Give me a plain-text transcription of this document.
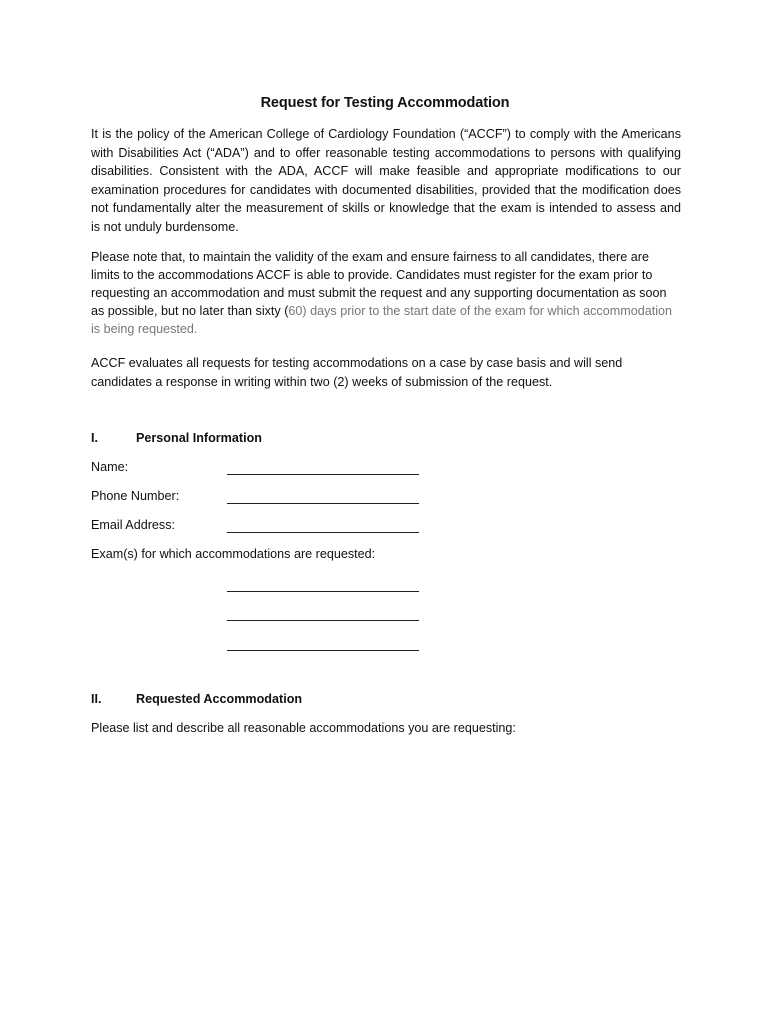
Request for Testing Accommodation

It is the policy of the American College of Cardiology Foundation (“ACCF”) to comply with the Americans with Disabilities Act (“ADA”) and to offer reasonable testing accommodations to persons with qualifying disabilities. Consistent with the ADA, ACCF will make feasible and appropriate modifications to our examination procedures for candidates with documented disabilities, provided that the modification does not fundamentally alter the measurement of skills or knowledge that the exam is intended to assess and is not unduly burdensome.

Please note that, to maintain the validity of the exam and ensure fairness to all candidates, there are limits to the accommodations ACCF is able to provide. Candidates must register for the exam prior to requesting an accommodation and must submit the request and any supporting documentation as soon as possible, but no later than sixty (60) days prior to the start date of the exam for which accommodation is being requested.

ACCF evaluates all requests for testing accommodations on a case by case basis and will send candidates a response in writing within two (2) weeks of submission of the request.

I.	Personal Information
Name:
Phone Number:
Email Address:
Exam(s) for which accommodations are requested:
II.	Requested Accommodation
Please list and describe all reasonable accommodations you are requesting:
